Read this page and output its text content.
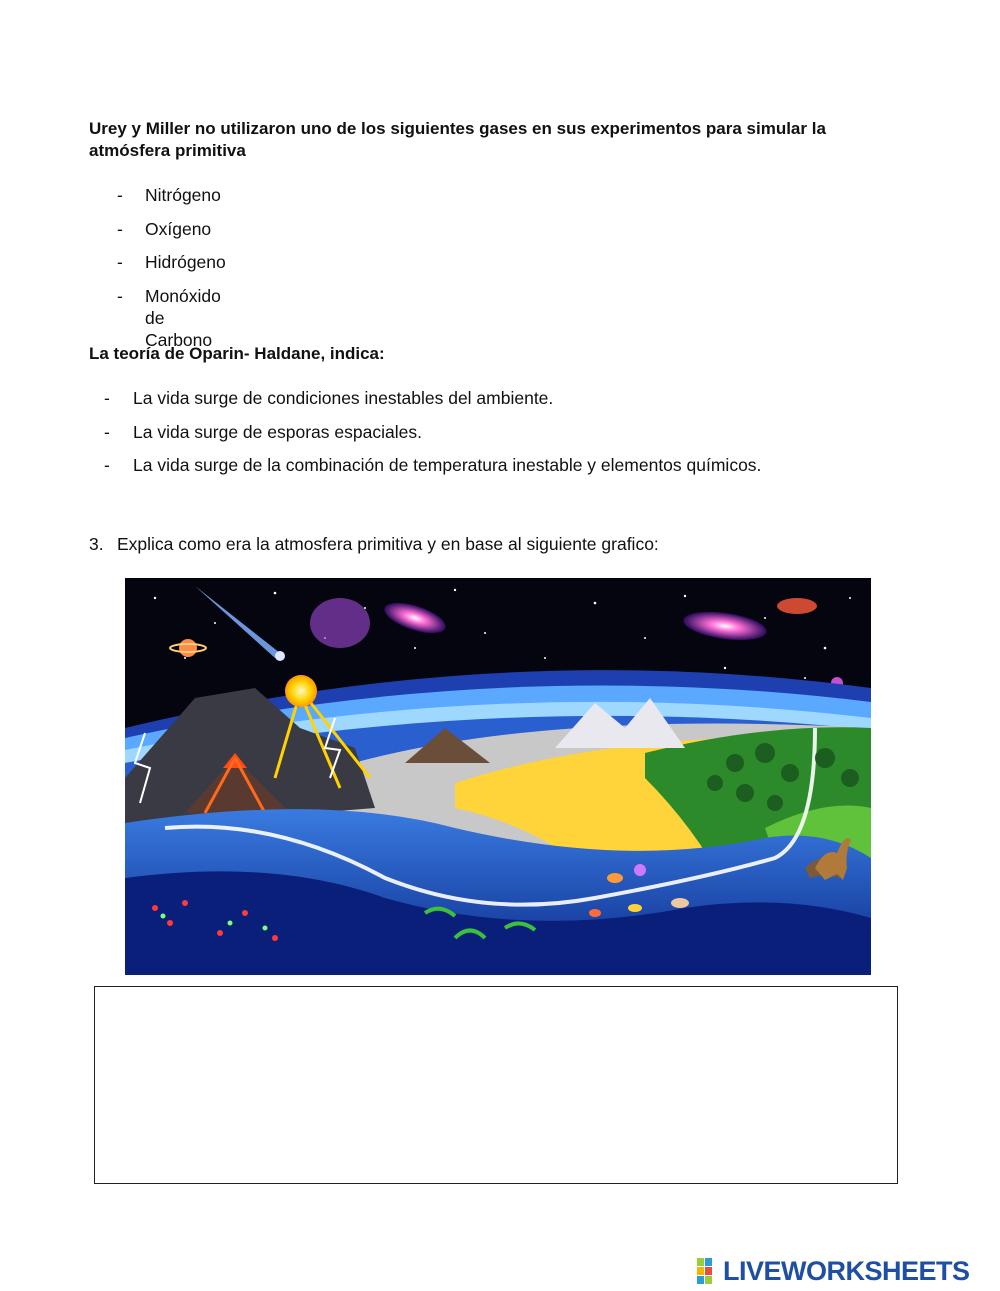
Urey y Miller no utilizaron uno de los siguientes gases en sus experimentos para simular la atmósfera primitiva

- Nitrógeno
- Oxígeno
- Hidrógeno
- Monóxido de Carbono

La teoría de Oparin- Haldane, indica:

- La vida surge de condiciones inestables del ambiente.
- La vida surge de esporas espaciales.
- La vida surge de la combinación de temperatura inestable y elementos químicos.
3. Explica como era la atmosfera primitiva y en base al siguiente grafico:
LIVEWORKSHEETS
